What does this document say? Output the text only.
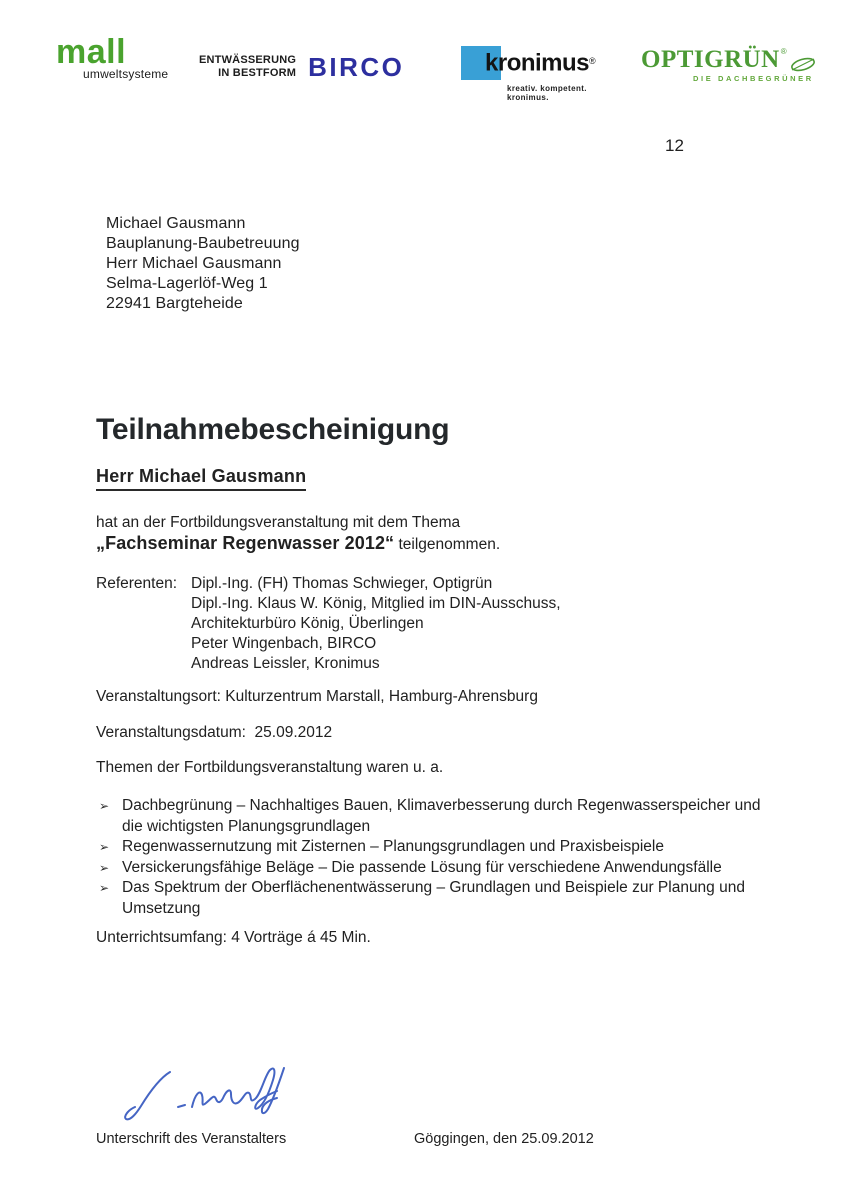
mall
umweltsysteme
ENTWÄSSERUNG
IN BESTFORM BIRCO	kronimus®
kreativ. kompetent. kronimus.
OPTIGRÜN ®
DIE DACHBEGRÜNER
12
Michael Gausmann
Bauplanung-Baubetreuung
Herr Michael Gausmann
Selma-Lagerlöf-Weg 1
22941 Bargteheide
Teilnahmebescheinigung
Herr Michael Gausmann
hat an der Fortbildungsveranstaltung mit dem Thema
„Fachseminar Regenwasser 2012“ teilgenommen.
Referenten: Dipl.-Ing. (FH) Thomas Schwieger, Optigrün
Dipl.-Ing. Klaus W. König, Mitglied im DIN-Ausschuss,
Architekturbüro König, Überlingen
Peter Wingenbach, BIRCO
Andreas Leissler, Kronimus
Veranstaltungsort: Kulturzentrum Marstall, Hamburg-Ahrensburg
Veranstaltungsdatum:  25.09.2012
Themen der Fortbildungsveranstaltung waren u. a.
➢ Dachbegrünung – Nachhaltiges Bauen, Klimaverbesserung durch Regenwasserspeicher und die wichtigsten Planungsgrundlagen
➢ Regenwassernutzung mit Zisternen – Planungsgrundlagen und Praxisbeispiele
➢ Versickerungsfähige Beläge – Die passende Lösung für verschiedene Anwendungsfälle
➢ Das Spektrum der Oberflächenentwässerung – Grundlagen und Beispiele zur Planung und Umsetzung
Unterrichtsumfang: 4 Vorträge á 45 Min.
Unterschrift des Veranstalters	Göggingen, den 25.09.2012
